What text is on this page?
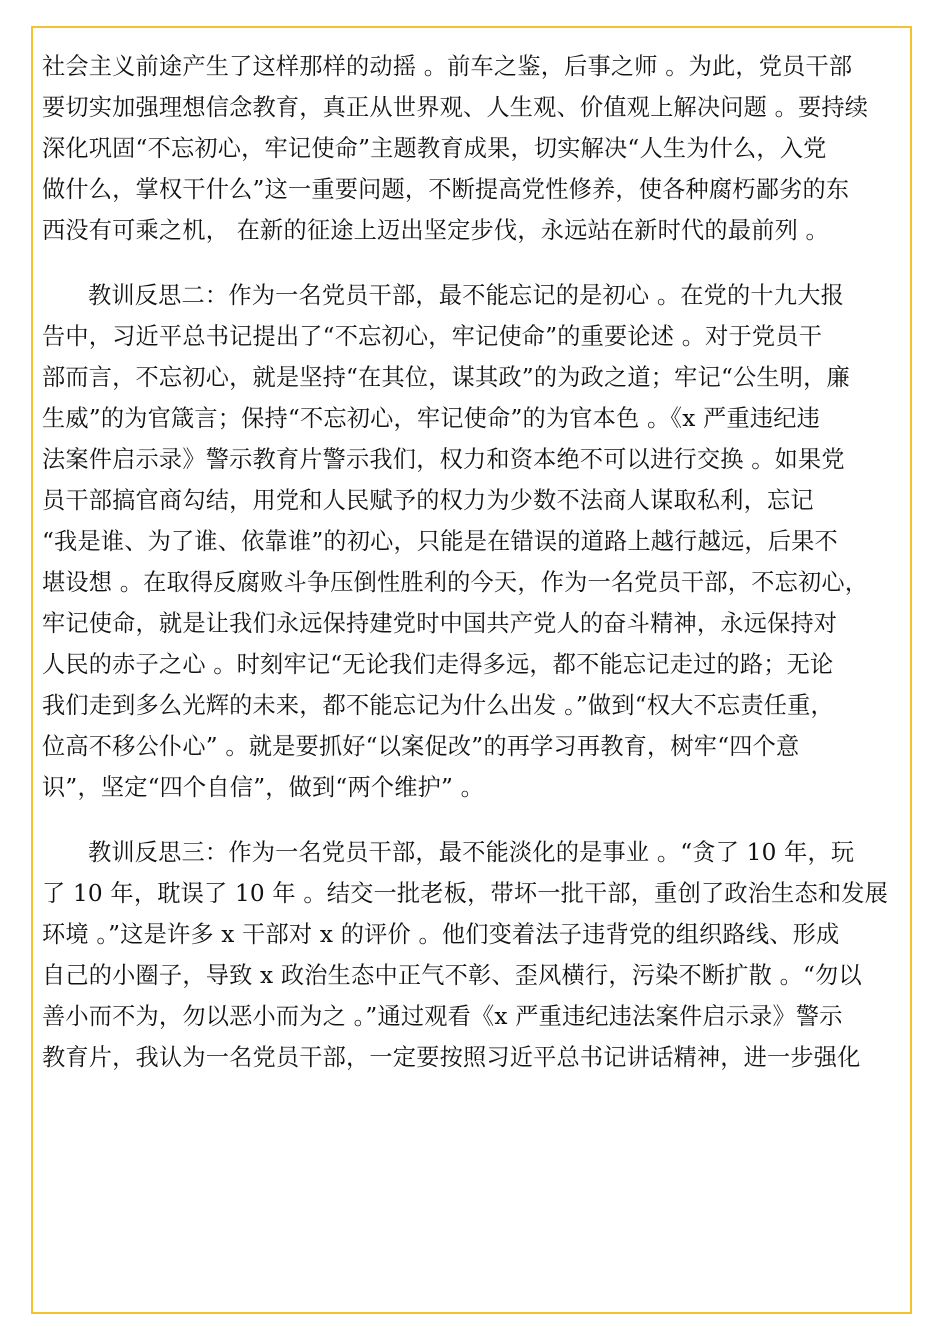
社会主义前途产生了这样那样的动摇 。前车之鉴，后事之师 。为此，党员干部
要切实加强理想信念教育，真正从世界观、人生观、价值观上解决问题 。要持续
深化巩固“不忘初心，牢记使命”主题教育成果，切实解决“人生为什么，入党
做什么，掌权干什么”这一重要问题，不断提高党性修养，使各种腐朽鄙劣的东
西没有可乘之机， 在新的征途上迈出坚定步伐，永远站在新时代的最前列 。

教训反思二：作为一名党员干部，最不能忘记的是初心 。在党的十九大报
告中，习近平总书记提出了“不忘初心，牢记使命”的重要论述 。对于党员干
部而言，不忘初心，就是坚持“在其位，谋其政”的为政之道；牢记“公生明，廉
生威”的为官箴言；保持“不忘初心，牢记使命”的为官本色 。《x 严重违纪违
法案件启示录》警示教育片警示我们，权力和资本绝不可以进行交换 。如果党
员干部搞官商勾结，用党和人民赋予的权力为少数不法商人谋取私利，忘记
“我是谁、为了谁、依靠谁”的初心，只能是在错误的道路上越行越远，后果不
堪设想 。在取得反腐败斗争压倒性胜利的今天，作为一名党员干部，不忘初心，
牢记使命，就是让我们永远保持建党时中国共产党人的奋斗精神，永远保持对
人民的赤子之心 。时刻牢记“无论我们走得多远，都不能忘记走过的路；无论
我们走到多么光辉的未来，都不能忘记为什么出发 。”做到“权大不忘责任重，
位高不移公仆心” 。就是要抓好“以案促改”的再学习再教育，树牢“四个意
识”，坚定“四个自信”，做到“两个维护” 。

教训反思三：作为一名党员干部，最不能淡化的是事业 。“贪了 10 年，玩
了 10 年，耽误了 10 年 。结交一批老板，带坏一批干部，重创了政治生态和发展
环境 。”这是许多 x 干部对 x 的评价 。他们变着法子违背党的组织路线、形成
自己的小圈子，导致 x 政治生态中正气不彰、歪风横行，污染不断扩散 。“勿以
善小而不为，勿以恶小而为之 。”通过观看《x 严重违纪违法案件启示录》警示
教育片，我认为一名党员干部，一定要按照习近平总书记讲话精神，进一步强化
